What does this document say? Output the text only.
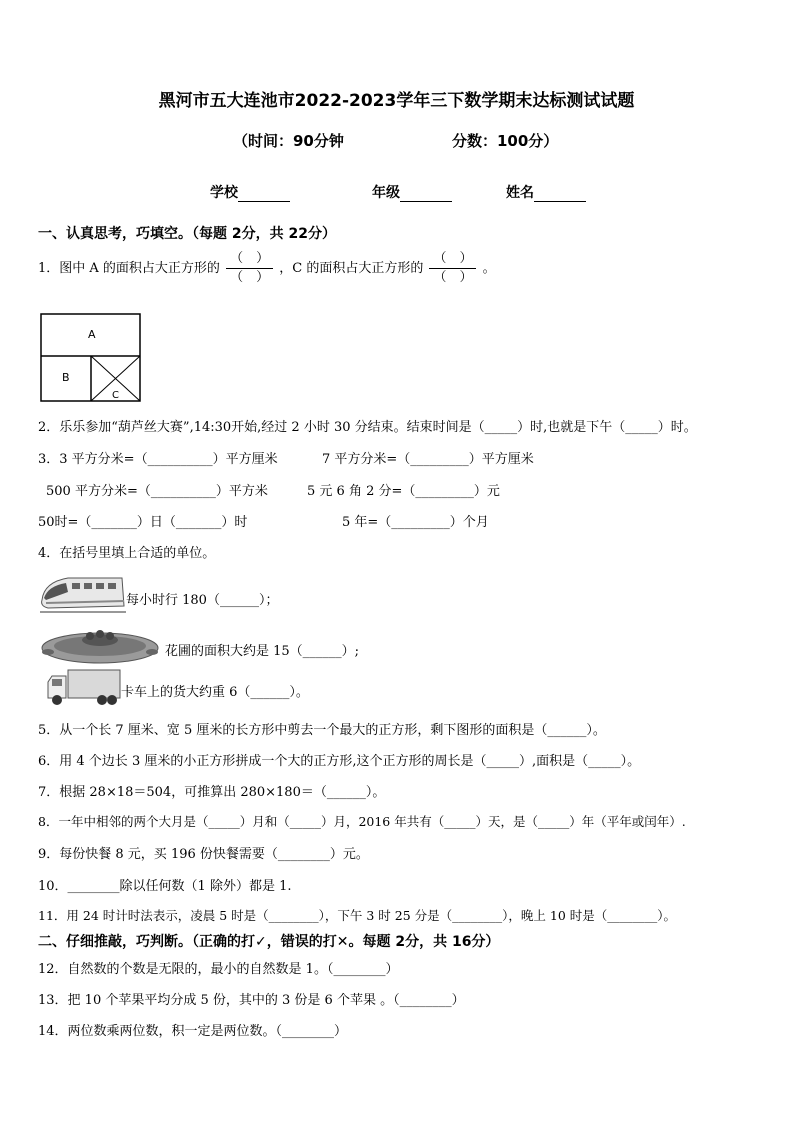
黑河市五大连池市2022-2023学年三下数学期末达标测试试题
（时间：90分钟	分数：100分）
学校	年级	姓名
一、认真思考，巧填空。（每题 2分，共 22分）
1．图中 A 的面积占大正方形的 $\frac{( )}{( )}$ ，C 的面积占大正方形的 $\frac{( )}{( )}$ 。
A
B
C
2．乐乐参加“葫芦丝大赛”,14:30开始,经过 2 小时 30 分结束。结束时间是（_____）时,也就是下午（_____）时。
3．3 平方分米=（__________）平方厘米	7 平方分米=（_________）平方厘米
500 平方分米=（__________）平方米	5 元 6 角 2 分=（_________）元
50时=（_______）日（_______）时	5 年=（_________）个月
4．在括号里填上合适的单位。
每小时行 180（______）；
花圃的面积大约是 15（______）;
卡车上的货大约重 6（______）。
5．从一个长 7 厘米、宽 5 厘米的长方形中剪去一个最大的正方形，剩下图形的面积是（______）。
6．用 4 个边长 3 厘米的小正方形拼成一个大的正方形,这个正方形的周长是（_____）,面积是（_____）。
7．根据 28×18＝504，可推算出 280×180＝（______）。
8．一年中相邻的两个大月是（_____）月和（_____）月，2016 年共有（_____）天，是（_____）年（平年或闰年）.
9．每份快餐 8 元，买 196 份快餐需要（________）元。
10．________除以任何数（1 除外）都是 1.
11．用 24 时计时法表示，凌晨 5 时是（________），下午 3 时 25 分是（________），晚上 10 时是（________）。
二、仔细推敲，巧判断。（正确的打✓，错误的打✕。每题 2分，共 16分）
12．自然数的个数是无限的，最小的自然数是 1。（________）
13．把 10 个苹果平均分成 5 份，其中的 3 份是 6 个苹果 。（________）
14．两位数乘两位数，积一定是两位数。（________）
